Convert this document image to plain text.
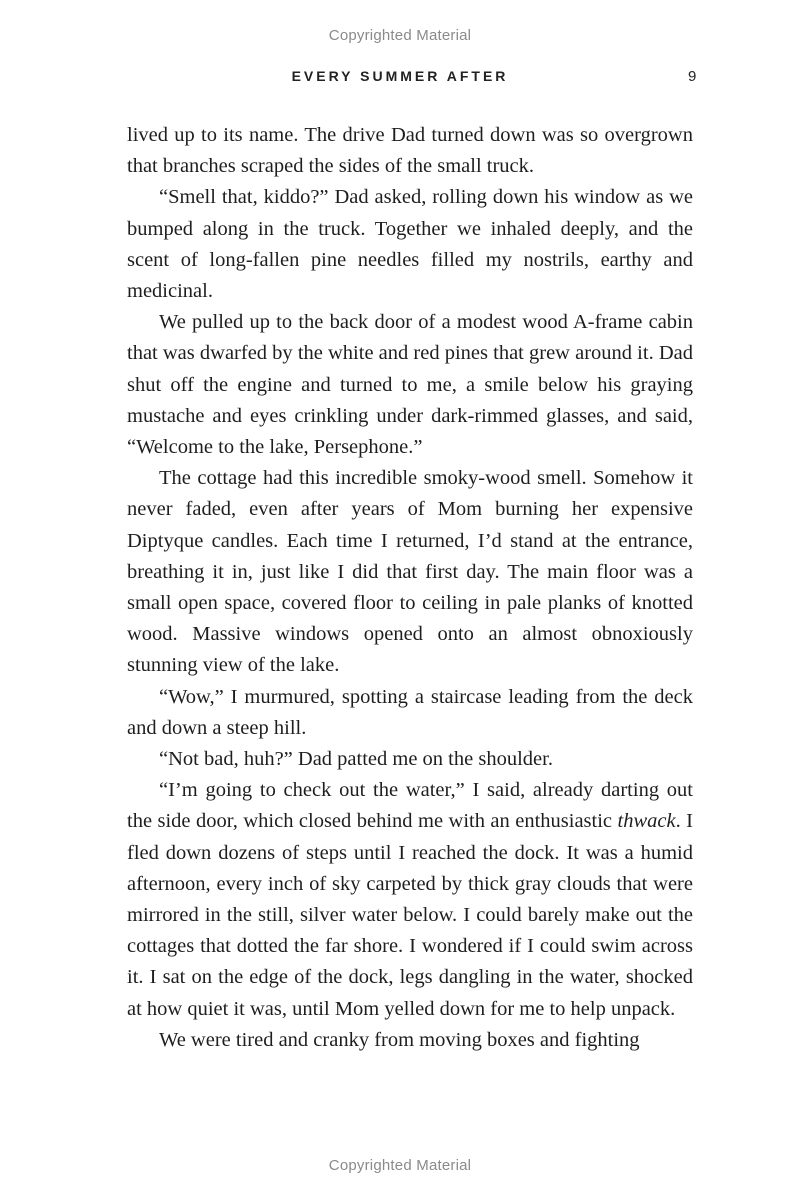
Copyrighted Material
EVERY SUMMER AFTER	9

lived up to its name. The drive Dad turned down was so overgrown that branches scraped the sides of the small truck.

“Smell that, kiddo?” Dad asked, rolling down his window as we bumped along in the truck. Together we inhaled deeply, and the scent of long-fallen pine needles filled my nostrils, earthy and medicinal.

We pulled up to the back door of a modest wood A-frame cabin that was dwarfed by the white and red pines that grew around it. Dad shut off the engine and turned to me, a smile below his graying mustache and eyes crinkling under dark-rimmed glasses, and said, “Welcome to the lake, Persephone.”

The cottage had this incredible smoky-wood smell. Somehow it never faded, even after years of Mom burning her expensive Diptyque candles. Each time I returned, I’d stand at the entrance, breathing it in, just like I did that first day. The main floor was a small open space, covered floor to ceiling in pale planks of knotted wood. Massive windows opened onto an almost obnoxiously stunning view of the lake.

“Wow,” I murmured, spotting a staircase leading from the deck and down a steep hill.

“Not bad, huh?” Dad patted me on the shoulder.

“I’m going to check out the water,” I said, already darting out the side door, which closed behind me with an enthusiastic thwack. I fled down dozens of steps until I reached the dock. It was a humid afternoon, every inch of sky carpeted by thick gray clouds that were mirrored in the still, silver water below. I could barely make out the cottages that dotted the far shore. I wondered if I could swim across it. I sat on the edge of the dock, legs dangling in the water, shocked at how quiet it was, until Mom yelled down for me to help unpack.

We were tired and cranky from moving boxes and fighting

Copyrighted Material
